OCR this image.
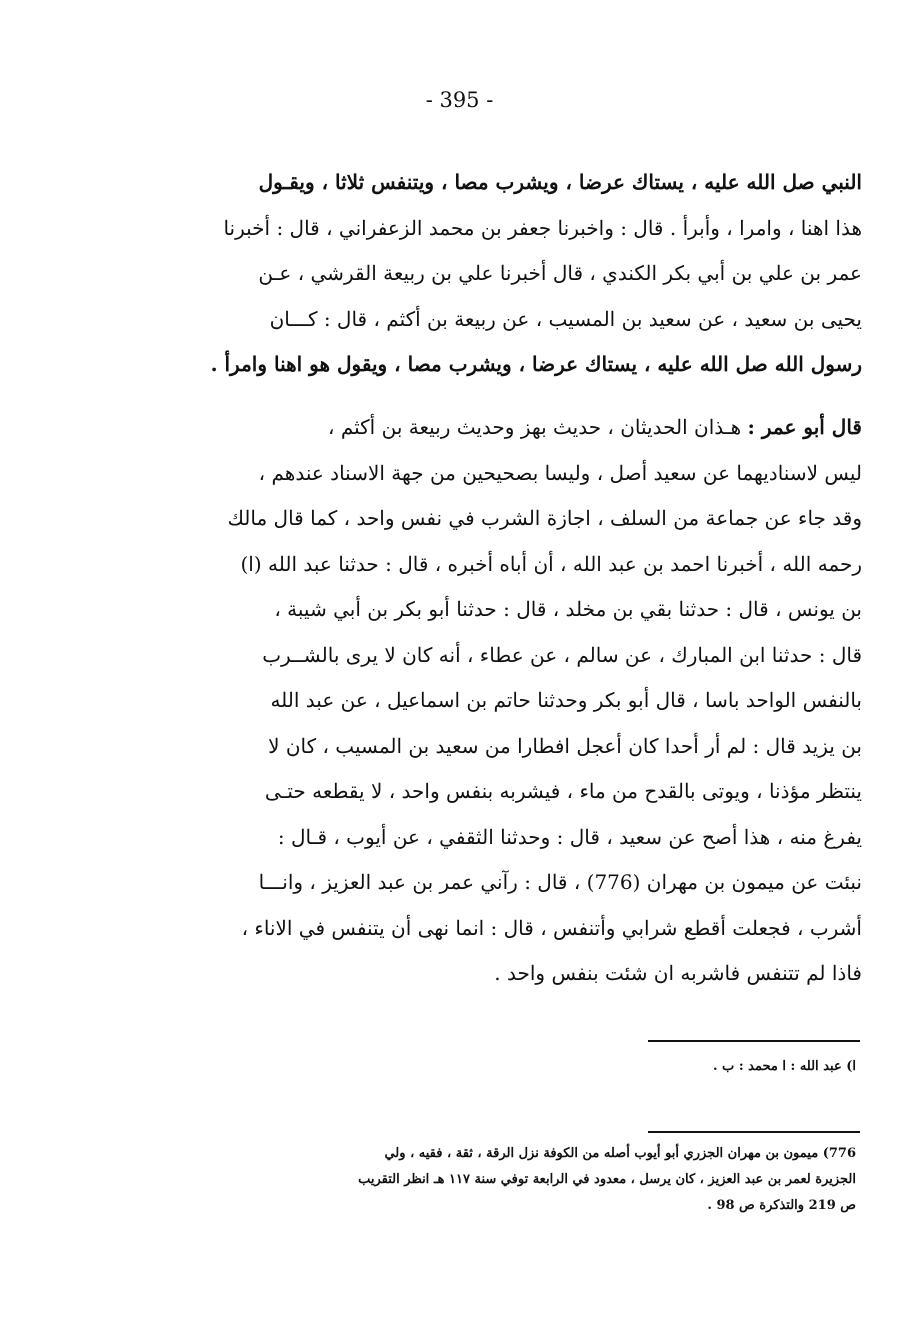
- 395 -
النبي صل الله عليه ، يستاك عرضا ، ويشرب مصا ، ويتنفس ثلاثا ، ويقـول
هذا اهنا ، وامرا ، وأبرأ . قال : واخبرنا جعفر بن محمد الزعفراني ، قال : أخبرنا
عمر بن علي بن أبي بكر الكندي ، قال أخبرنا علي بن ربيعة القرشي ، عـن
يحيى بن سعيد ، عن سعيد بن المسيب ، عن ربيعة بن أكثم ، قال : كـــان
رسول الله صل الله عليه ، يستاك عرضا ، ويشرب مصا ، ويقول هو اهنا وامرأ .
قال أبو عمر : هـذان الحديثان ، حديث بهز وحديث ربيعة بن أكثم ،
ليس لاسناديهما عن سعيد أصل ، وليسا بصحيحين من جهة الاسناد عندهم ،
وقد جاء عن جماعة من السلف ، اجازة الشرب في نفس واحد ، كما قال مالك
رحمه الله ، أخبرنا احمد بن عبد الله ، أن أباه أخبره ، قال : حدثنا عبد الله (ا)
بن يونس ، قال : حدثنا بقي بن مخلد ، قال : حدثنا أبو بكر بن أبي شيبة ،
قال : حدثنا ابن المبارك ، عن سالم ، عن عطاء ، أنه كان لا يرى بالشــرب
بالنفس الواحد باسا ، قال أبو بكر وحدثنا حاتم بن اسماعيل ، عن عبد الله
بن يزيد قال : لم أر أحدا كان أعجل افطارا من سعيد بن المسيب ، كان لا
ينتظر مؤذنا ، ويوتى بالقدح من ماء ، فيشربه بنفس واحد ، لا يقطعه حتـى
يفرغ منه ، هذا أصح عن سعيد ، قال : وحدثنا الثقفي ، عن أيوب ، قـال :
نبئت عن ميمون بن مهران (776) ، قال : رآني عمر بن عبد العزيز ، وانـــا
أشرب ، فجعلت أقطع شرابي وأتنفس ، قال : انما نهى أن يتنفس في الاناء ،
فاذا لم تتنفس فاشربه ان شئت بنفس واحد .
ا) عبد الله : ا محمد : ب .
776) ميمون بن مهران الجزري أبو أيوب أصله من الكوفة نزل الرقة ، ثقة ، فقيه ، ولي
الجزيرة لعمر بن عبد العزيز ، كان يرسل ، معدود في الرابعة توفي سنة ١١٧ هـ انظر التقريب
ص 219 والتذكرة ص 98 .
